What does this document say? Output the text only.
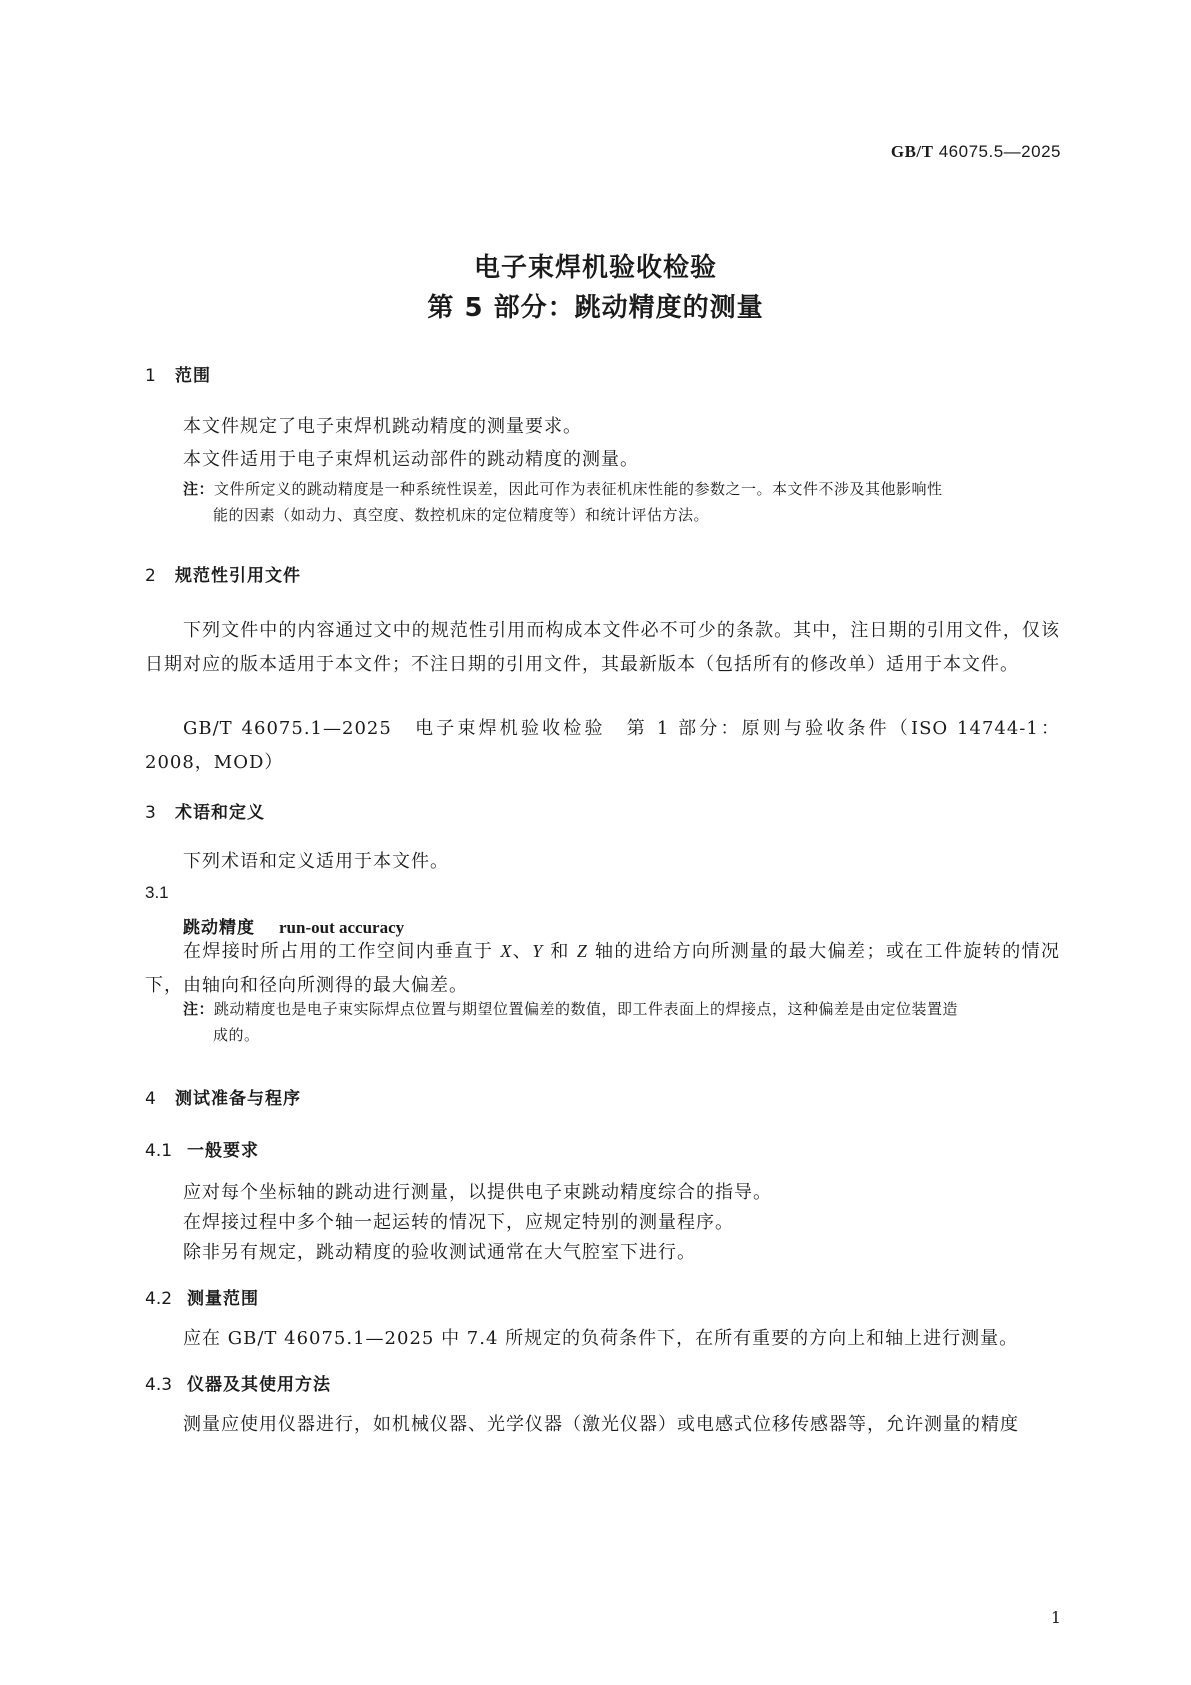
GB/T 46075.5—2025
电子束焊机验收检验
第 5 部分：跳动精度的测量
1 范围
本文件规定了电子束焊机跳动精度的测量要求。
本文件适用于电子束焊机运动部件的跳动精度的测量。
注：文件所定义的跳动精度是一种系统性误差，因此可作为表征机床性能的参数之一。本文件不涉及其他影响性
能的因素（如动力、真空度、数控机床的定位精度等）和统计评估方法。
2 规范性引用文件
下列文件中的内容通过文中的规范性引用而构成本文件必不可少的条款。其中，注日期的引用文件，仅该日期对应的版本适用于本文件；不注日期的引用文件，其最新版本（包括所有的修改单）适用于本文件。
GB/T 46075.1—2025　电子束焊机验收检验　第 1 部分：原则与验收条件（ISO 14744-1：2008，MOD）
3 术语和定义
下列术语和定义适用于本文件。
3.1
跳动精度 run-out accuracy
在焊接时所占用的工作空间内垂直于 X、Y 和 Z 轴的进给方向所测量的最大偏差；或在工件旋转的情况下，由轴向和径向所测得的最大偏差。
注：跳动精度也是电子束实际焊点位置与期望位置偏差的数值，即工件表面上的焊接点，这种偏差是由定位装置造
成的。
4 测试准备与程序
4.1 一般要求
应对每个坐标轴的跳动进行测量，以提供电子束跳动精度综合的指导。
在焊接过程中多个轴一起运转的情况下，应规定特别的测量程序。
除非另有规定，跳动精度的验收测试通常在大气腔室下进行。
4.2 测量范围
应在 GB/T 46075.1—2025 中 7.4 所规定的负荷条件下，在所有重要的方向上和轴上进行测量。
4.3 仪器及其使用方法
测量应使用仪器进行，如机械仪器、光学仪器（激光仪器）或电感式位移传感器等，允许测量的精度
1
